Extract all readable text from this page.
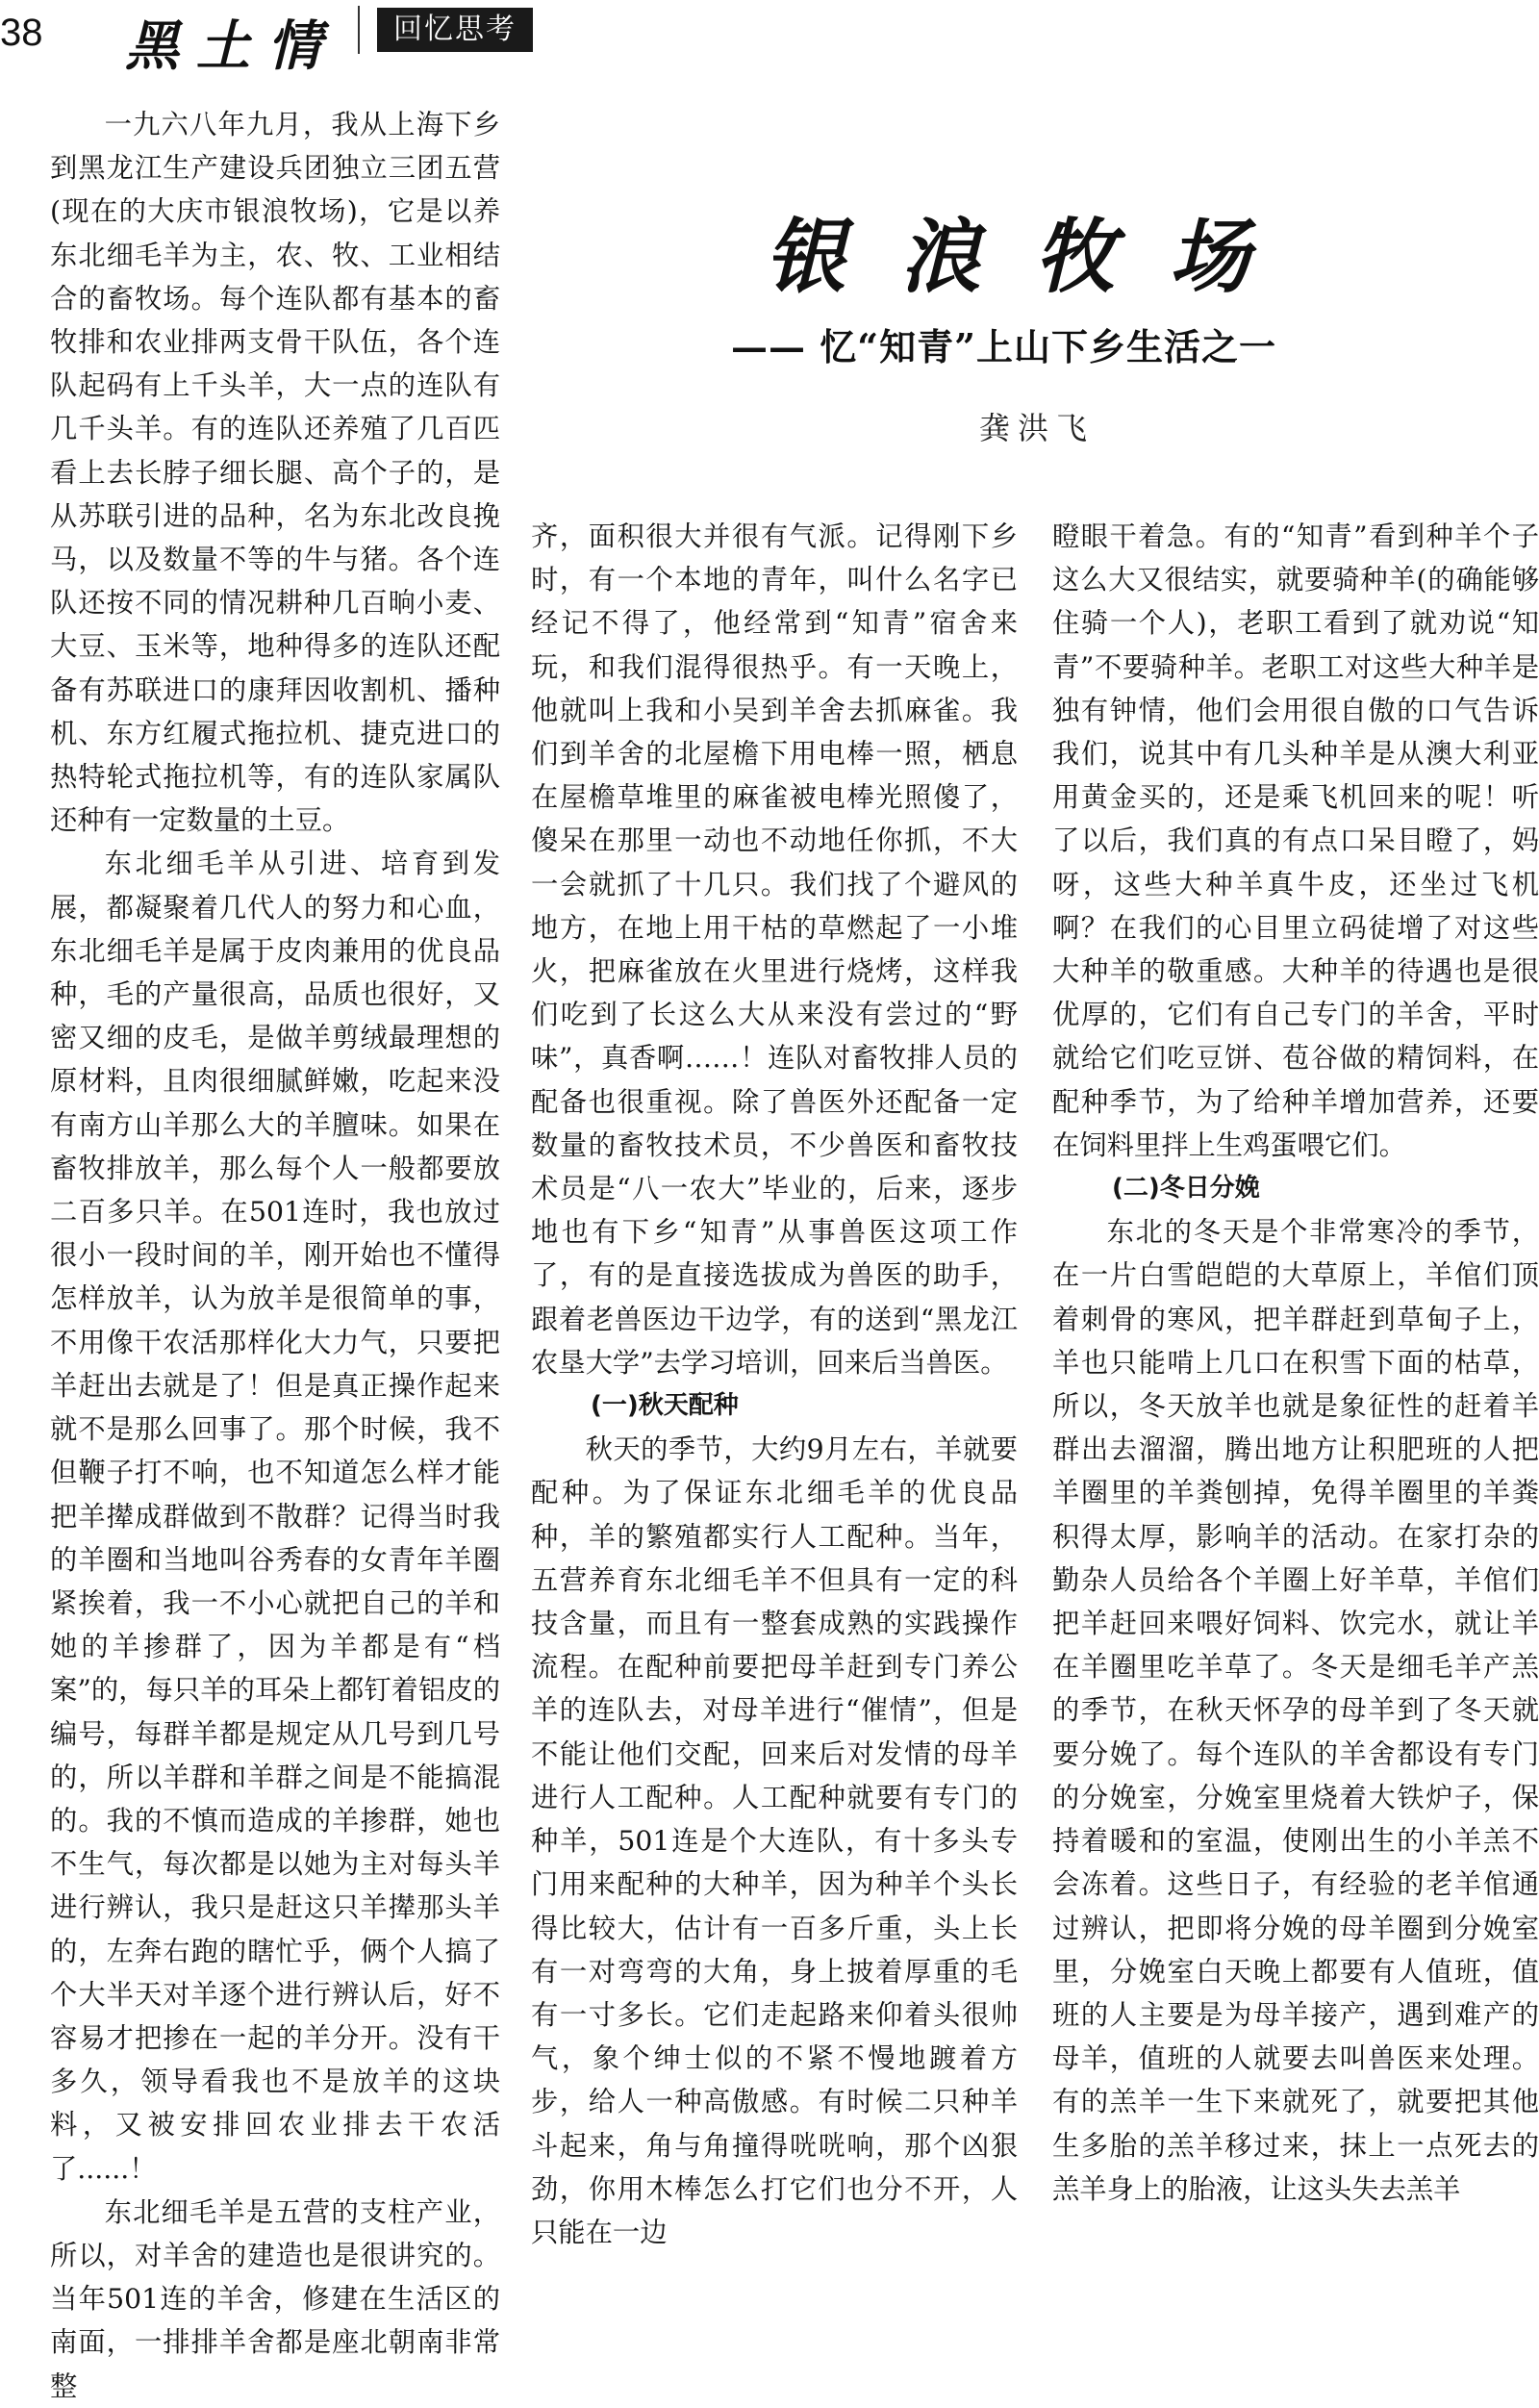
38 黑土情	回忆思考
银浪牧场
—— 忆“知青”上山下乡生活之一
龚洪飞

一九六八年九月，我从上海下乡到黑龙江生产建设兵团独立三团五营(现在的大庆市银浪牧场)，它是以养东北细毛羊为主，农、牧、工业相结合的畜牧场。每个连队都有基本的畜牧排和农业排两支骨干队伍，各个连队起码有上千头羊，大一点的连队有几千头羊。有的连队还养殖了几百匹看上去长脖子细长腿、高个子的，是从苏联引进的品种，名为东北改良挽马，以及数量不等的牛与猪。各个连队还按不同的情况耕种几百晌小麦、大豆、玉米等，地种得多的连队还配备有苏联进口的康拜因收割机、播种机、东方红履式拖拉机、捷克进口的热特轮式拖拉机等，有的连队家属队还种有一定数量的土豆。

东北细毛羊从引进、培育到发展，都凝聚着几代人的努力和心血，东北细毛羊是属于皮肉兼用的优良品种，毛的产量很高，品质也很好，又密又细的皮毛，是做羊剪绒最理想的原材料，且肉很细腻鲜嫩，吃起来没有南方山羊那么大的羊膻味。如果在畜牧排放羊，那么每个人一般都要放二百多只羊。在501连时，我也放过很小一段时间的羊，刚开始也不懂得怎样放羊，认为放羊是很简单的事，不用像干农活那样化大力气，只要把羊赶出去就是了！但是真正操作起来就不是那么回事了。那个时候，我不但鞭子打不响，也不知道怎么样才能把羊撵成群做到不散群？记得当时我的羊圈和当地叫谷秀春的女青年羊圈紧挨着，我一不小心就把自己的羊和她的羊掺群了，因为羊都是有“档案”的，每只羊的耳朵上都钉着铝皮的编号，每群羊都是规定从几号到几号的，所以羊群和羊群之间是不能搞混的。我的不慎而造成的羊掺群，她也不生气，每次都是以她为主对每头羊进行辨认，我只是赶这只羊撵那头羊的，左奔右跑的瞎忙乎，俩个人搞了个大半天对羊逐个进行辨认后，好不容易才把掺在一起的羊分开。没有干多久，领导看我也不是放羊的这块料，又被安排回农业排去干农活了......！

东北细毛羊是五营的支柱产业，所以，对羊舍的建造也是很讲究的。当年501连的羊舍，修建在生活区的南面，一排排羊舍都是座北朝南非常整

齐，面积很大并很有气派。记得刚下乡时，有一个本地的青年，叫什么名字已经记不得了，他经常到“知青”宿舍来玩，和我们混得很热乎。有一天晚上，他就叫上我和小吴到羊舍去抓麻雀。我们到羊舍的北屋檐下用电棒一照，栖息在屋檐草堆里的麻雀被电棒光照傻了，傻呆在那里一动也不动地任你抓，不大一会就抓了十几只。我们找了个避风的地方，在地上用干枯的草燃起了一小堆火，把麻雀放在火里进行烧烤，这样我们吃到了长这么大从来没有尝过的“野味”，真香啊……！连队对畜牧排人员的配备也很重视。除了兽医外还配备一定数量的畜牧技术员，不少兽医和畜牧技术员是“八一农大”毕业的，后来，逐步地也有下乡“知青”从事兽医这项工作了，有的是直接选拔成为兽医的助手，跟着老兽医边干边学，有的送到“黑龙江农垦大学”去学习培训，回来后当兽医。

(一)秋天配种

秋天的季节，大约9月左右，羊就要配种。为了保证东北细毛羊的优良品种，羊的繁殖都实行人工配种。当年，五营养育东北细毛羊不但具有一定的科技含量，而且有一整套成熟的实践操作流程。在配种前要把母羊赶到专门养公羊的连队去，对母羊进行“催情”，但是不能让他们交配，回来后对发情的母羊进行人工配种。人工配种就要有专门的种羊，501连是个大连队，有十多头专门用来配种的大种羊，因为种羊个头长得比较大，估计有一百多斤重，头上长有一对弯弯的大角，身上披着厚重的毛有一寸多长。它们走起路来仰着头很帅气，象个绅士似的不紧不慢地踱着方步，给人一种高傲感。有时候二只种羊斗起来，角与角撞得咣咣响，那个凶狠劲，你用木棒怎么打它们也分不开，人只能在一边

瞪眼干着急。有的“知青”看到种羊个子这么大又很结实，就要骑种羊(的确能够住骑一个人)，老职工看到了就劝说“知青”不要骑种羊。老职工对这些大种羊是独有钟情，他们会用很自傲的口气告诉我们，说其中有几头种羊是从澳大利亚用黄金买的，还是乘飞机回来的呢！听了以后，我们真的有点口呆目瞪了，妈呀，这些大种羊真牛皮，还坐过飞机啊？在我们的心目里立码徒增了对这些大种羊的敬重感。大种羊的待遇也是很优厚的，它们有自己专门的羊舍，平时就给它们吃豆饼、苞谷做的精饲料，在配种季节，为了给种羊增加营养，还要在饲料里拌上生鸡蛋喂它们。

(二)冬日分娩

东北的冬天是个非常寒冷的季节，在一片白雪皑皑的大草原上，羊倌们顶着刺骨的寒风，把羊群赶到草甸子上，羊也只能啃上几口在积雪下面的枯草，所以，冬天放羊也就是象征性的赶着羊群出去溜溜，腾出地方让积肥班的人把羊圈里的羊粪刨掉，免得羊圈里的羊粪积得太厚，影响羊的活动。在家打杂的勤杂人员给各个羊圈上好羊草，羊倌们把羊赶回来喂好饲料、饮完水，就让羊在羊圈里吃羊草了。冬天是细毛羊产羔的季节，在秋天怀孕的母羊到了冬天就要分娩了。每个连队的羊舍都设有专门的分娩室，分娩室里烧着大铁炉子，保持着暖和的室温，使刚出生的小羊羔不会冻着。这些日子，有经验的老羊倌通过辨认，把即将分娩的母羊圈到分娩室里，分娩室白天晚上都要有人值班，值班的人主要是为母羊接产，遇到难产的母羊，值班的人就要去叫兽医来处理。有的羔羊一生下来就死了，就要把其他生多胎的羔羊移过来，抹上一点死去的羔羊身上的胎液，让这头失去羔羊
